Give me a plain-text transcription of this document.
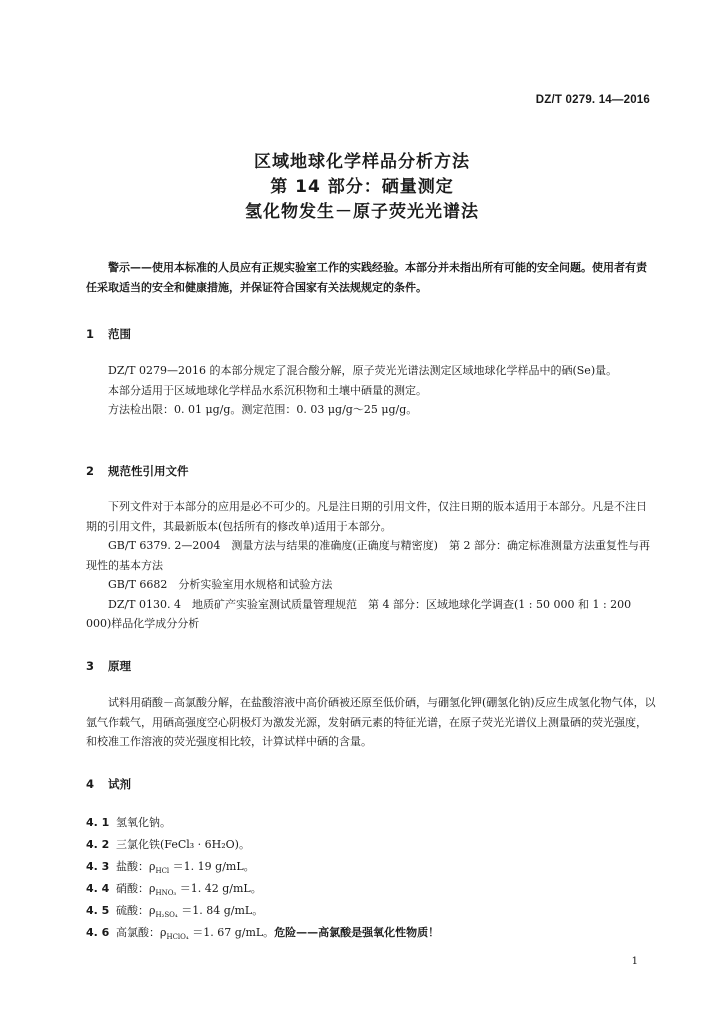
DZ/T 0279. 14—2016
区域地球化学样品分析方法
第 14 部分：硒量测定
氢化物发生－原子荧光光谱法
警示——使用本标准的人员应有正规实验室工作的实践经验。本部分并未指出所有可能的安全问题。使用者有责任采取适当的安全和健康措施，并保证符合国家有关法规规定的条件。
1 范围

DZ/T 0279—2016 的本部分规定了混合酸分解，原子荧光光谱法测定区域地球化学样品中的硒(Se)量。

本部分适用于区域地球化学样品水系沉积物和土壤中硒量的测定。

方法检出限：0. 01 μg/g。测定范围：0. 03 μg/g～25 μg/g。

2 规范性引用文件

下列文件对于本部分的应用是必不可少的。凡是注日期的引用文件，仅注日期的版本适用于本部分。凡是不注日期的引用文件，其最新版本(包括所有的修改单)适用于本部分。

GB/T 6379. 2—2004　测量方法与结果的准确度(正确度与精密度)　第 2 部分：确定标准测量方法重复性与再现性的基本方法

GB/T 6682　分析实验室用水规格和试验方法

DZ/T 0130. 4　地质矿产实验室测试质量管理规范　第 4 部分：区域地球化学调查(1 : 50 000 和 1 : 200 000)样品化学成分分析

3 原理

试料用硝酸－高氯酸分解，在盐酸溶液中高价硒被还原至低价硒，与硼氢化钾(硼氢化钠)反应生成氢化物气体，以氩气作载气，用硒高强度空心阴极灯为激发光源，发射硒元素的特征光谱，在原子荧光光谱仪上测量硒的荧光强度，和校准工作溶液的荧光强度相比较，计算试样中硒的含量。

4 试剂
4. 1 氢氧化钠。
4. 2 三氯化铁(FeCl₃ · 6H₂O)。
4. 3 盐酸：$\rho_{HCl} =1$. 19 g/mL。
4. 4 硝酸：$\rho_{HNO_3} =1$. 42 g/mL。
4. 5 硫酸：$\rho_{H_2SO_4} =1$. 84 g/mL。
4. 6 高氯酸：$\rho_{HClO_4} =1$. 67 g/mL。危险——高氯酸是强氧化性物质！
1
